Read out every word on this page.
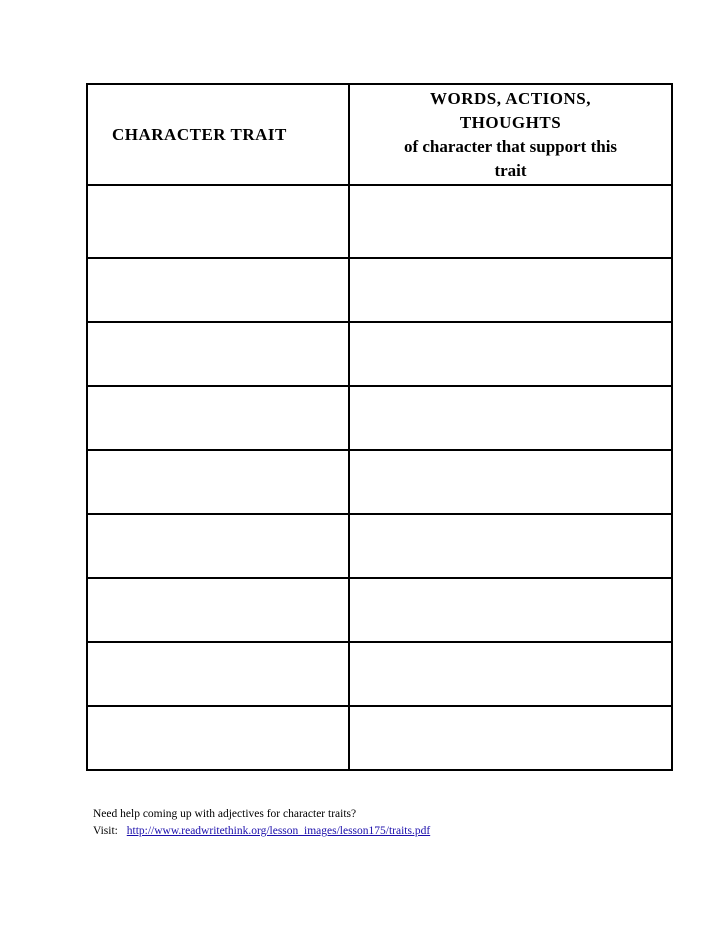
CHARACTER TRAIT	WORDS, ACTIONS,
THOUGHTS
of character that support this
trait

Need help coming up with adjectives for character traits?
Visit: http://www.readwritethink.org/lesson_images/lesson175/traits.pdf
